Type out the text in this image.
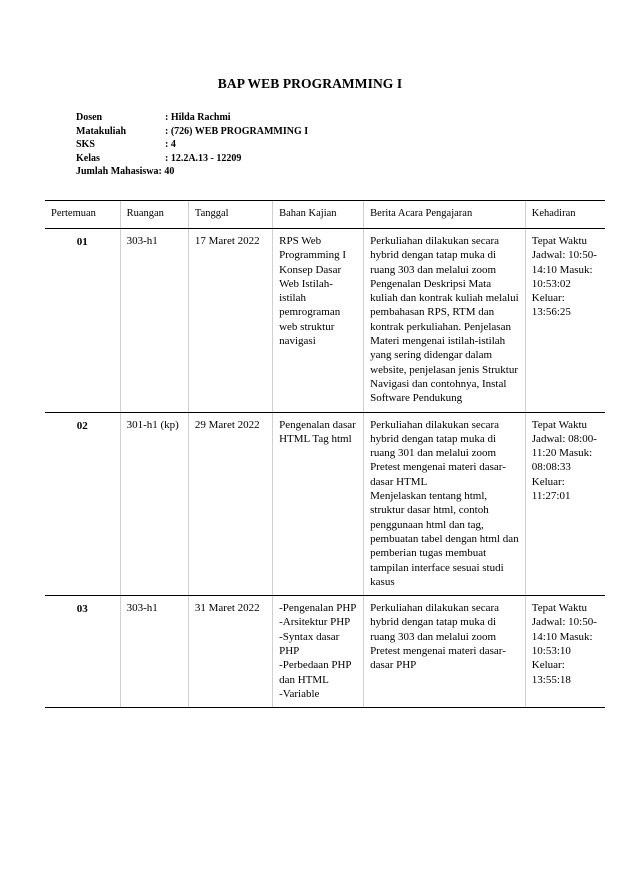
BAP WEB PROGRAMMING I
Dosen	: Hilda Rachmi
Matakuliah	: (726) WEB PROGRAMMING I
SKS	: 4
Kelas	: 12.2A.13 - 12209
Jumlah Mahasiswa: 40
Pertemuan	Ruangan	Tanggal	Bahan Kajian	Berita Acara Pengajaran	Kehadiran
01	303-h1	17 Maret 2022	RPS Web Programming I Konsep Dasar Web Istilah-istilah pemrograman web struktur navigasi	Perkuliahan dilakukan secara hybrid dengan tatap muka di ruang 303 dan melalui zoom
Pengenalan Deskripsi Mata kuliah dan kontrak kuliah melalui pembahasan RPS, RTM dan kontrak perkuliahan. Penjelasan Materi mengenai istilah-istilah yang sering didengar dalam website, penjelasan jenis Struktur Navigasi dan contohnya, Instal Software Pendukung	Tepat Waktu Jadwal: 10:50-14:10 Masuk: 10:53:02 Keluar: 13:56:25
02	301-h1 (kp)	29 Maret 2022	Pengenalan dasar HTML Tag html	Perkuliahan dilakukan secara hybrid dengan tatap muka di ruang 301 dan melalui zoom
Pretest mengenai materi dasar-dasar HTML
Menjelaskan tentang html, struktur dasar html, contoh penggunaan html dan tag, pembuatan tabel dengan html dan pemberian tugas membuat tampilan interface sesuai studi kasus	Tepat Waktu Jadwal: 08:00-11:20 Masuk: 08:08:33 Keluar: 11:27:01
03	303-h1	31 Maret 2022	-Pengenalan PHP
-Arsitektur PHP
-Syntax dasar PHP
-Perbedaan PHP dan HTML
-Variable	Perkuliahan dilakukan secara hybrid dengan tatap muka di ruang 303 dan melalui zoom
Pretest mengenai materi dasar-dasar PHP	Tepat Waktu Jadwal: 10:50-14:10 Masuk: 10:53:10 Keluar: 13:55:18
